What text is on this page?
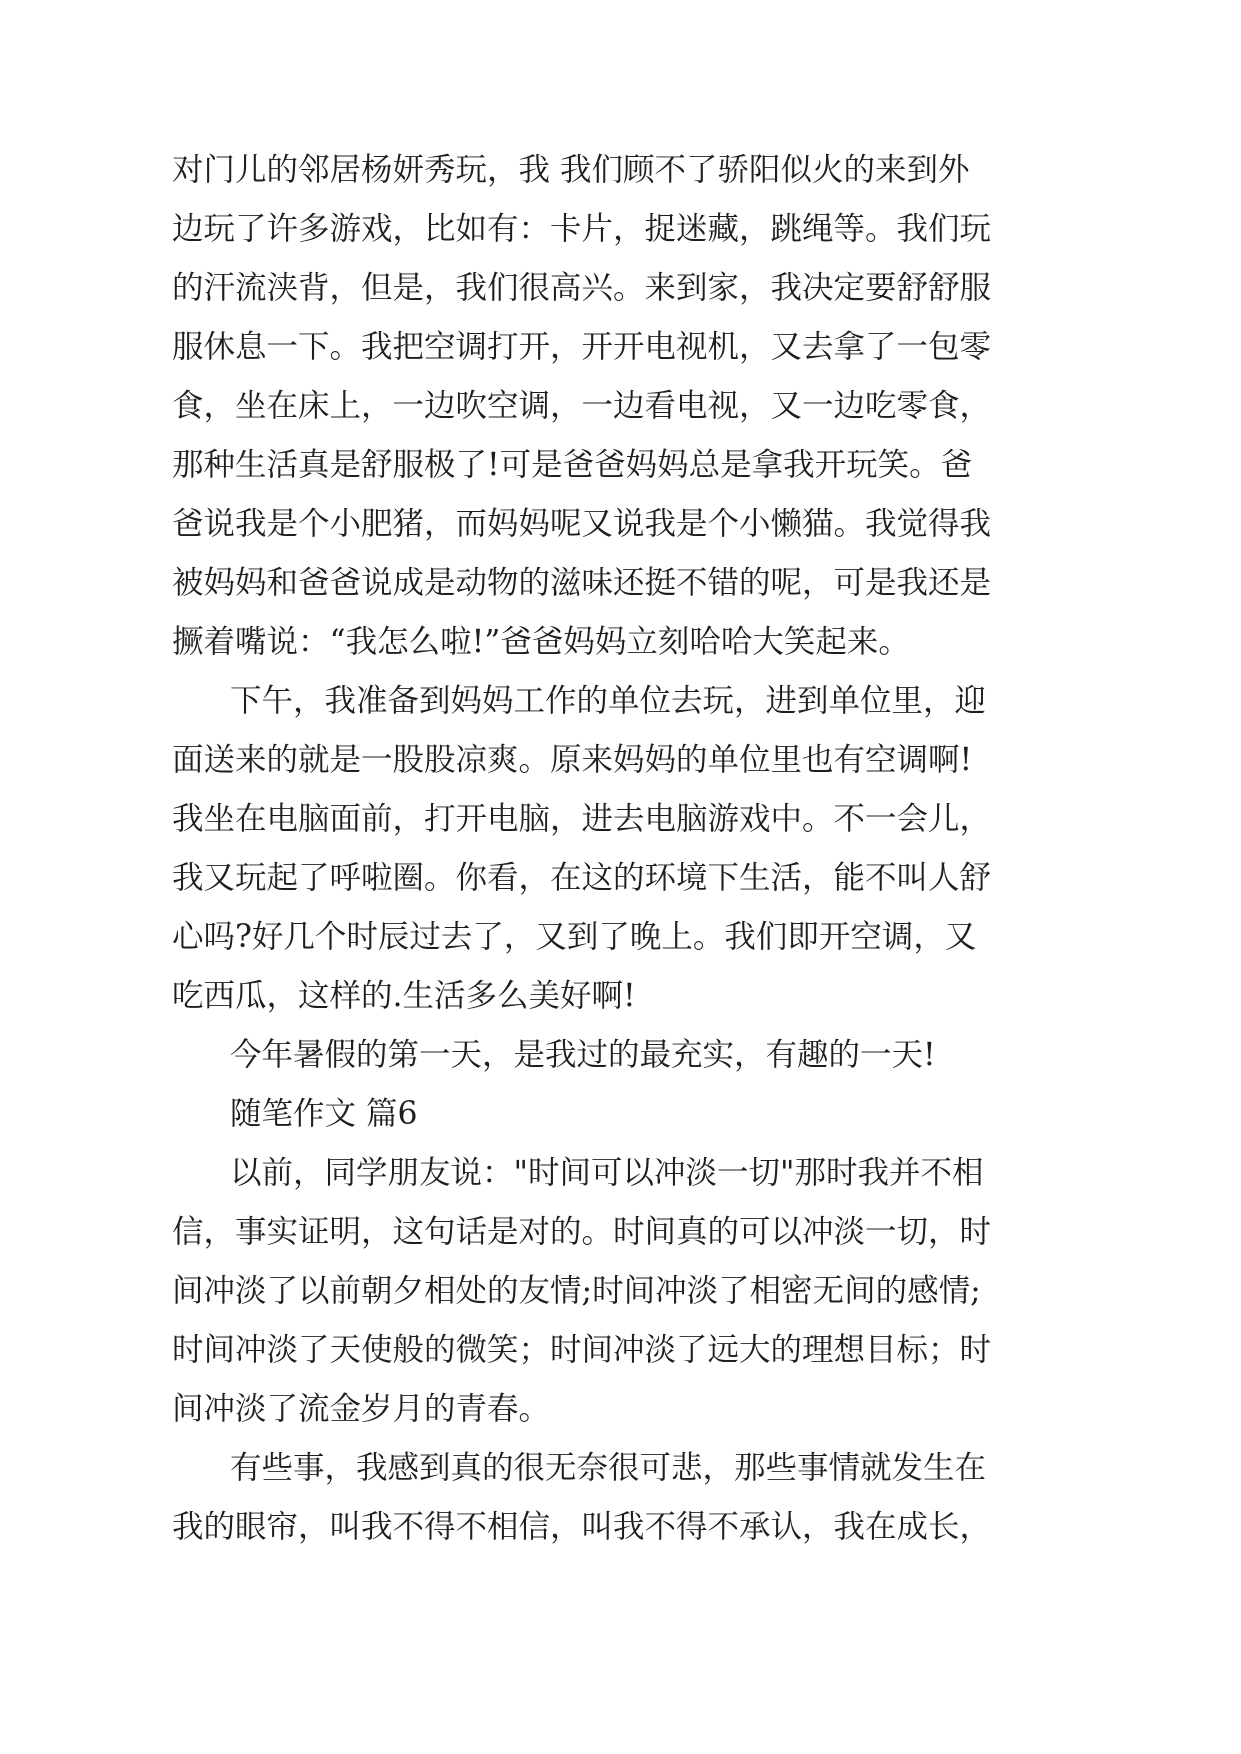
对门儿的邻居杨妍秀玩，我 我们顾不了骄阳似火的来到外
边玩了许多游戏，比如有：卡片，捉迷藏，跳绳等。我们玩
的汗流浃背，但是，我们很高兴。来到家，我决定要舒舒服
服休息一下。我把空调打开，开开电视机，又去拿了一包零
食，坐在床上，一边吹空调，一边看电视，又一边吃零食，
那种生活真是舒服极了!可是爸爸妈妈总是拿我开玩笑。爸
爸说我是个小肥猪，而妈妈呢又说我是个小懒猫。我觉得我
被妈妈和爸爸说成是动物的滋味还挺不错的呢，可是我还是
撅着嘴说：“我怎么啦!”爸爸妈妈立刻哈哈大笑起来。
下午，我准备到妈妈工作的单位去玩，进到单位里，迎
面送来的就是一股股凉爽。原来妈妈的单位里也有空调啊!
我坐在电脑面前，打开电脑，进去电脑游戏中。不一会儿，
我又玩起了呼啦圈。你看，在这的环境下生活，能不叫人舒
心吗?好几个时辰过去了，又到了晚上。我们即开空调，又
吃西瓜，这样的.生活多么美好啊!
今年暑假的第一天，是我过的最充实，有趣的一天!
随笔作文 篇6
以前，同学朋友说："时间可以冲淡一切"那时我并不相
信，事实证明，这句话是对的。时间真的可以冲淡一切，时
间冲淡了以前朝夕相处的友情;时间冲淡了相密无间的感情;
时间冲淡了天使般的微笑；时间冲淡了远大的理想目标；时
间冲淡了流金岁月的青春。
有些事，我感到真的很无奈很可悲，那些事情就发生在
我的眼帘，叫我不得不相信，叫我不得不承认，我在成长，
